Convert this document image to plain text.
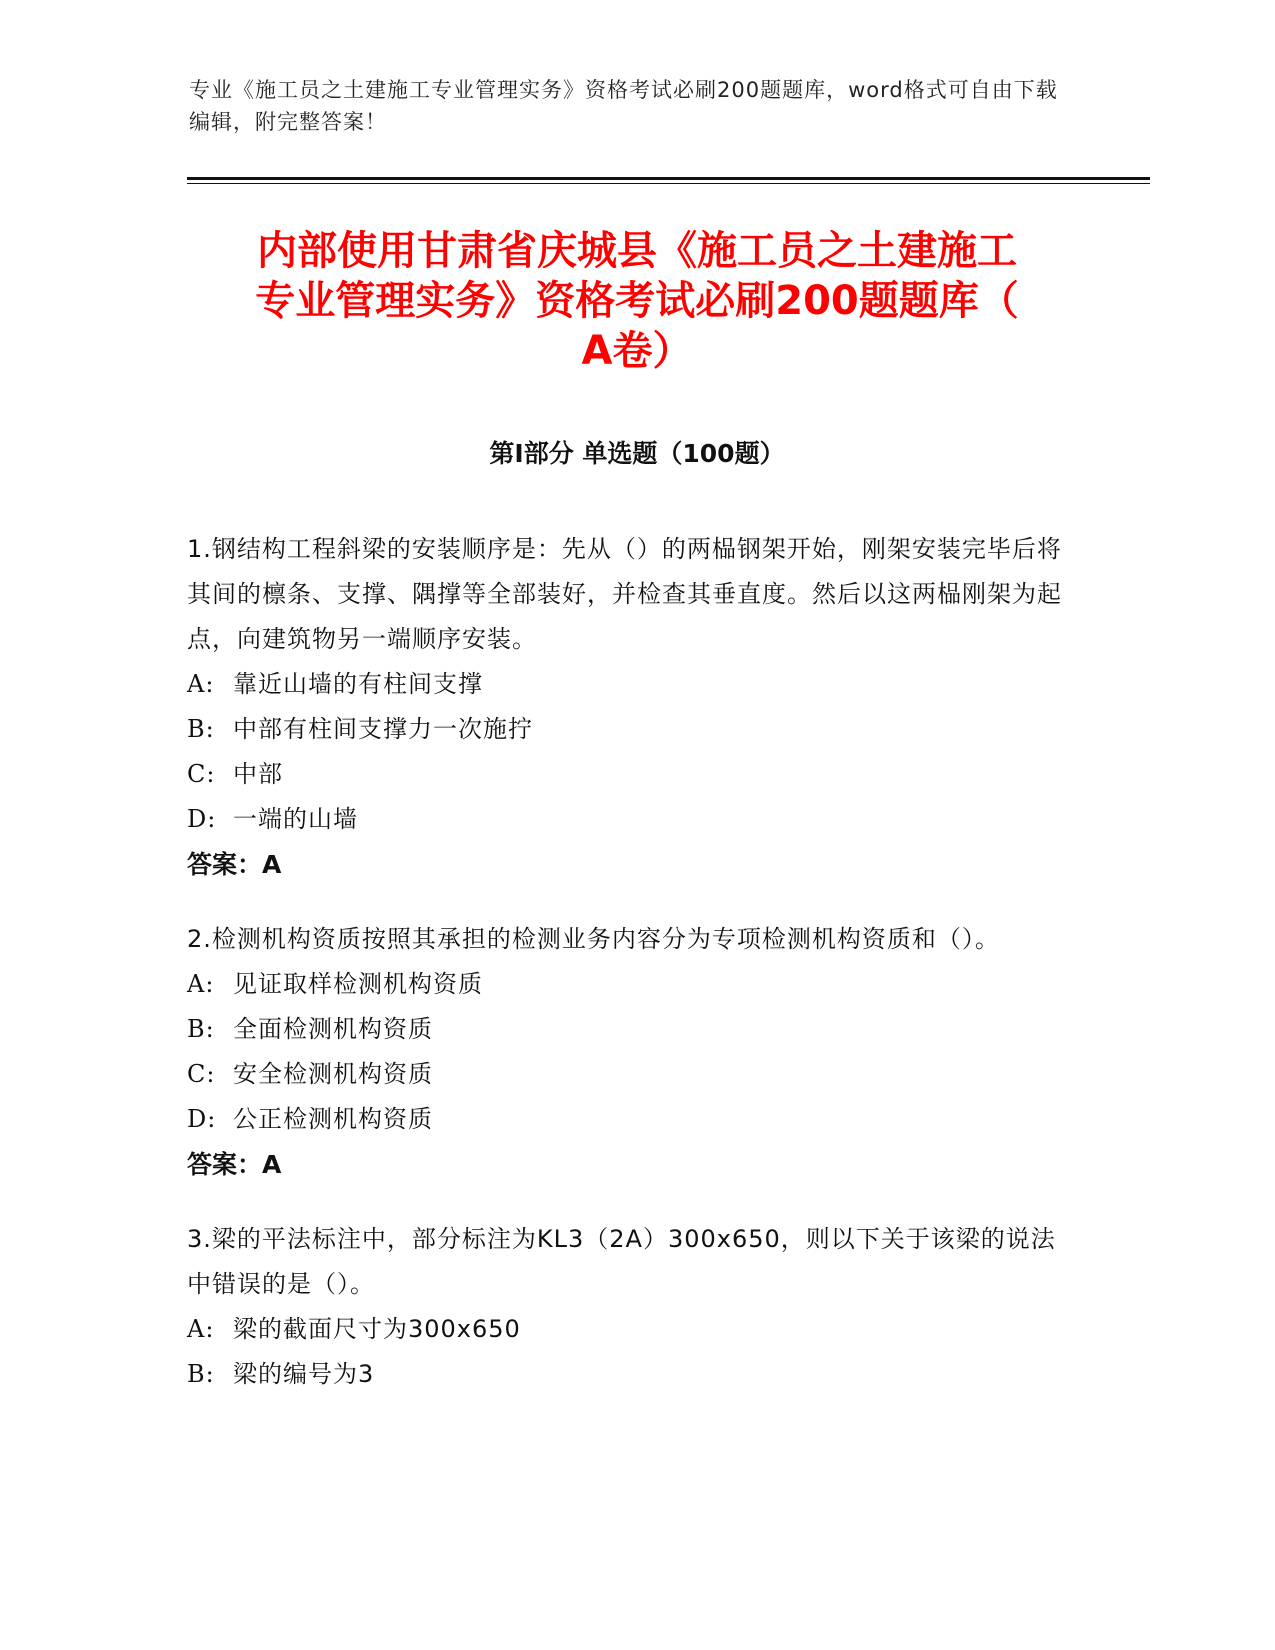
专业《施工员之土建施工专业管理实务》资格考试必刷200题题库，word格式可自由下载编辑，附完整答案！
内部使用甘肃省庆城县《施工员之土建施工
专业管理实务》资格考试必刷200题题库（
A卷）
第Ⅰ部分 单选题（100题）
1.钢结构工程斜梁的安装顺序是：先从（）的两榀钢架开始，刚架安装完毕后将其间的檩条、支撑、隅撑等全部装好，并检查其垂直度。然后以这两榀刚架为起点，向建筑物另一端顺序安装。
A: 靠近山墙的有柱间支撑
B: 中部有柱间支撑力一次施拧
C: 中部
D: 一端的山墙
答案：A
2.检测机构资质按照其承担的检测业务内容分为专项检测机构资质和（）。
A: 见证取样检测机构资质
B: 全面检测机构资质
C: 安全检测机构资质
D: 公正检测机构资质
答案：A
3.梁的平法标注中，部分标注为KL3（2A）300x650，则以下关于该梁的说法中错误的是（）。
A: 梁的截面尺寸为300x650
B: 梁的编号为3
